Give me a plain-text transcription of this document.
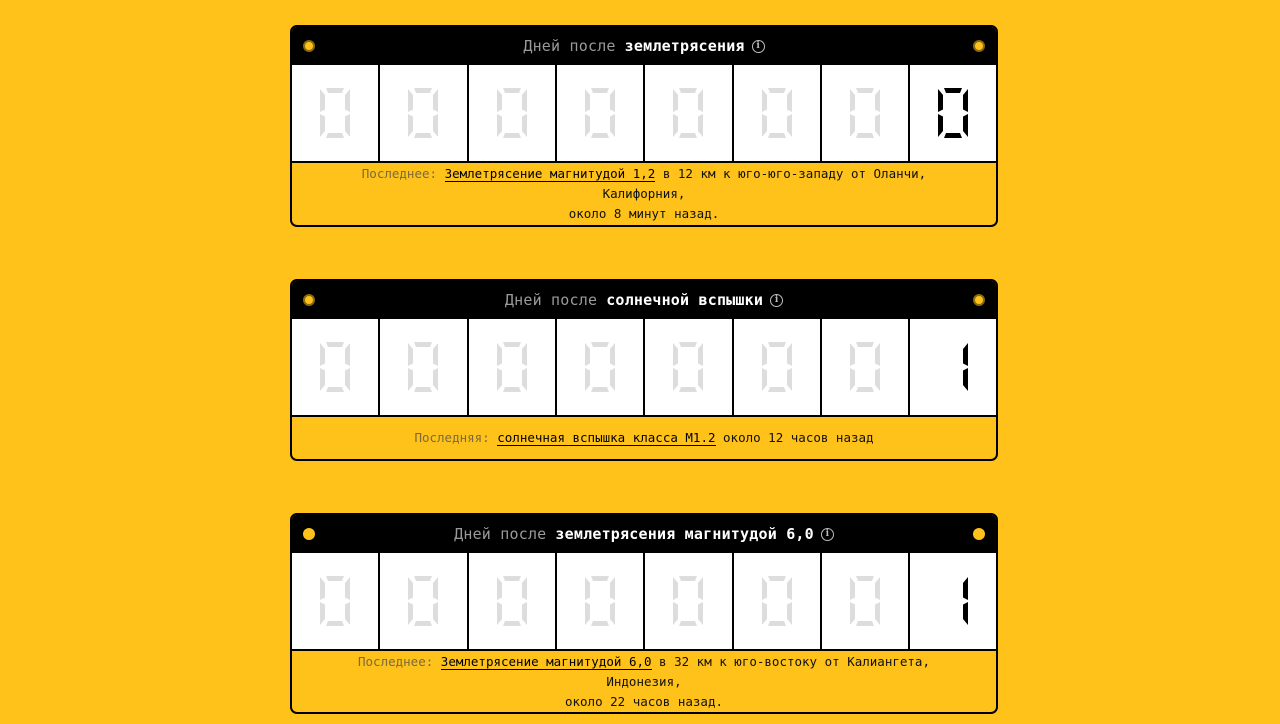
Дней после землетрясения	i
Последнее: Землетрясение магнитудой 1,2 в 12 км к юго-юго-западу от Оланчи, Калифорния,
около 8 минут назад.
Дней после солнечной вспышки	i
Последняя: солнечная вспышка класса M1.2 около 12 часов назад
Дней после землетрясения магнитудой 6,0	i
Последнее: Землетрясение магнитудой 6,0 в 32 км к юго-востоку от Калиангета, Индонезия,
около 22 часов назад.
